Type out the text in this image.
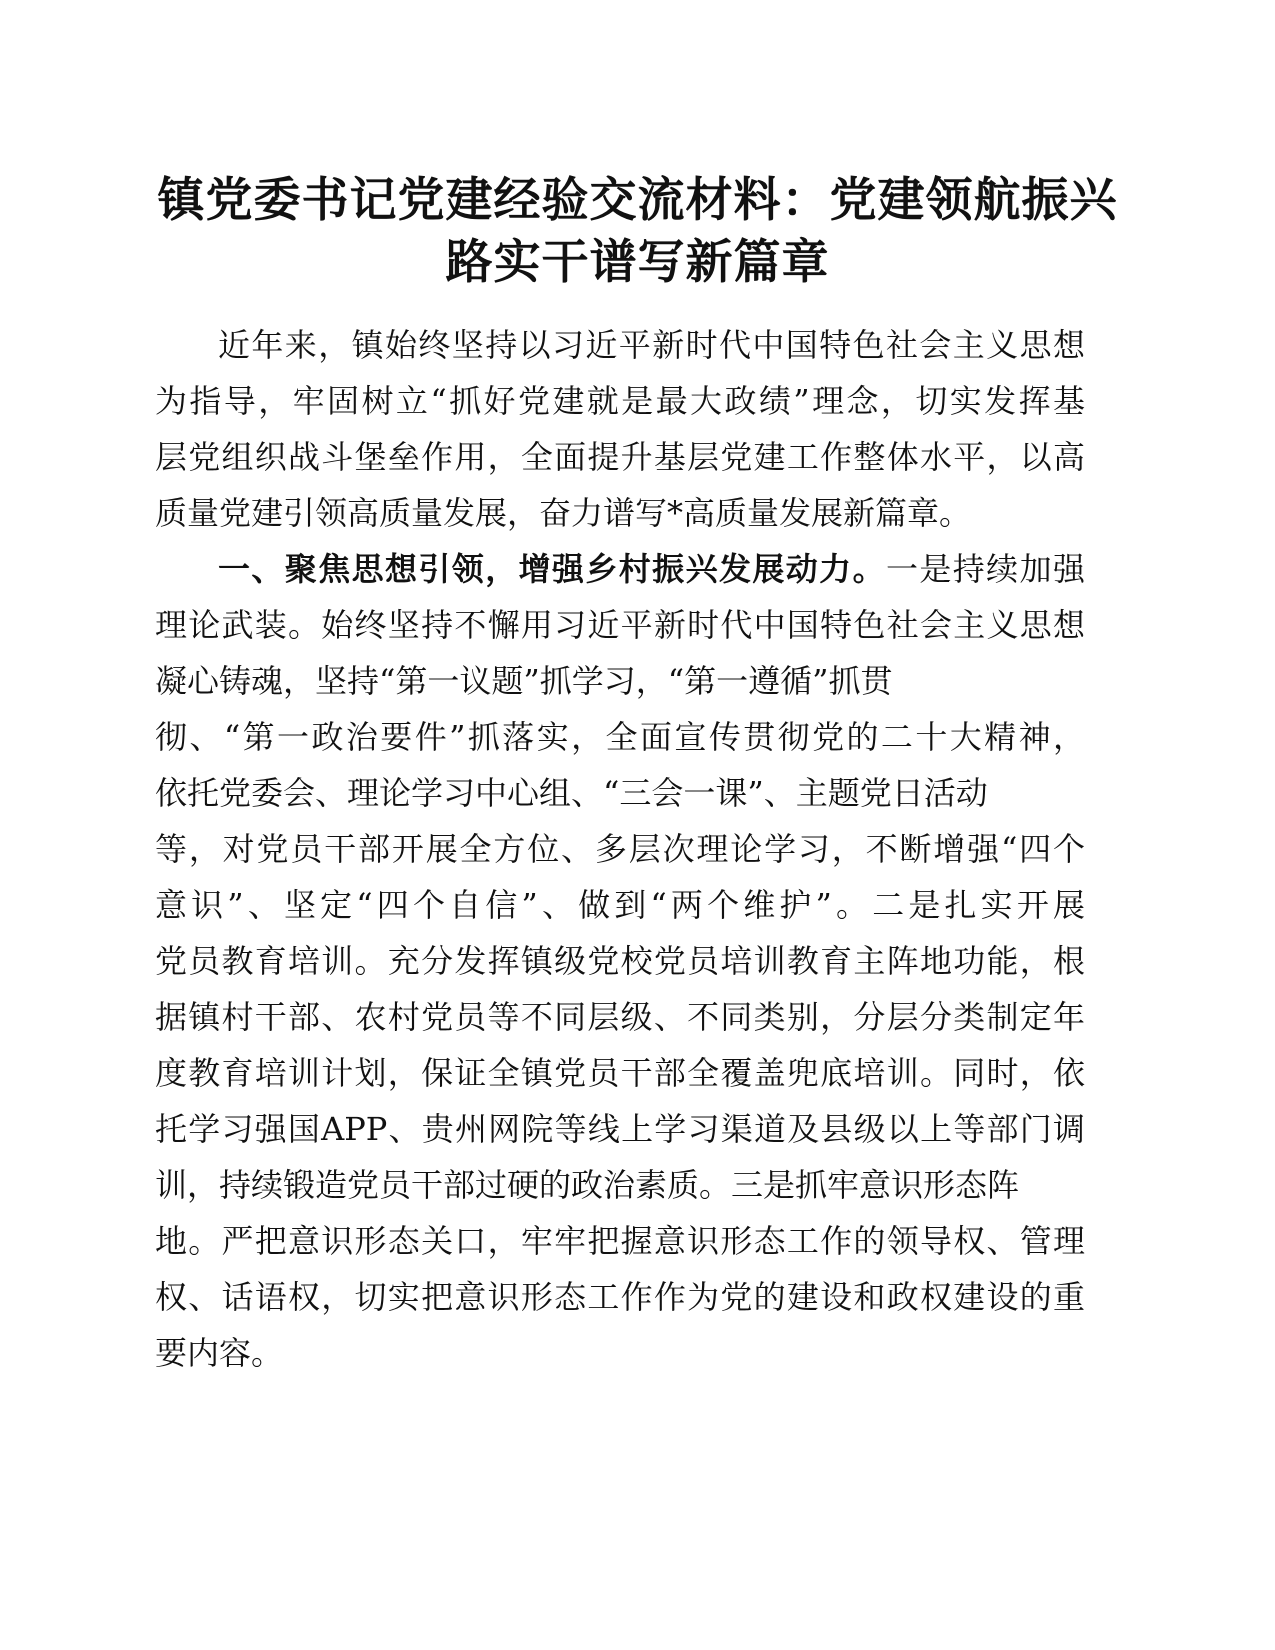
镇党委书记党建经验交流材料：党建领航振兴
路实干谱写新篇章
近年来，镇始终坚持以习近平新时代中国特色社会主义思想
为指导，牢固树立“抓好党建就是最大政绩”理念，切实发挥基
层党组织战斗堡垒作用，全面提升基层党建工作整体水平，以高
质量党建引领高质量发展，奋力谱写*高质量发展新篇章。
一、聚焦思想引领，增强乡村振兴发展动力。一是持续加强
理论武装。始终坚持不懈用习近平新时代中国特色社会主义思想
凝心铸魂，坚持“第一议题”抓学习，“第一遵循”抓贯
彻、“第一政治要件”抓落实，全面宣传贯彻党的二十大精神，
依托党委会、理论学习中心组、“三会一课”、主题党日活动
等，对党员干部开展全方位、多层次理论学习，不断增强“四个
意识”、坚定“四个自信”、做到“两个维护”。二是扎实开展
党员教育培训。充分发挥镇级党校党员培训教育主阵地功能，根
据镇村干部、农村党员等不同层级、不同类别，分层分类制定年
度教育培训计划，保证全镇党员干部全覆盖兜底培训。同时，依
托学习强国APP、贵州网院等线上学习渠道及县级以上等部门调
训，持续锻造党员干部过硬的政治素质。三是抓牢意识形态阵
地。严把意识形态关口，牢牢把握意识形态工作的领导权、管理
权、话语权，切实把意识形态工作作为党的建设和政权建设的重
要内容。
